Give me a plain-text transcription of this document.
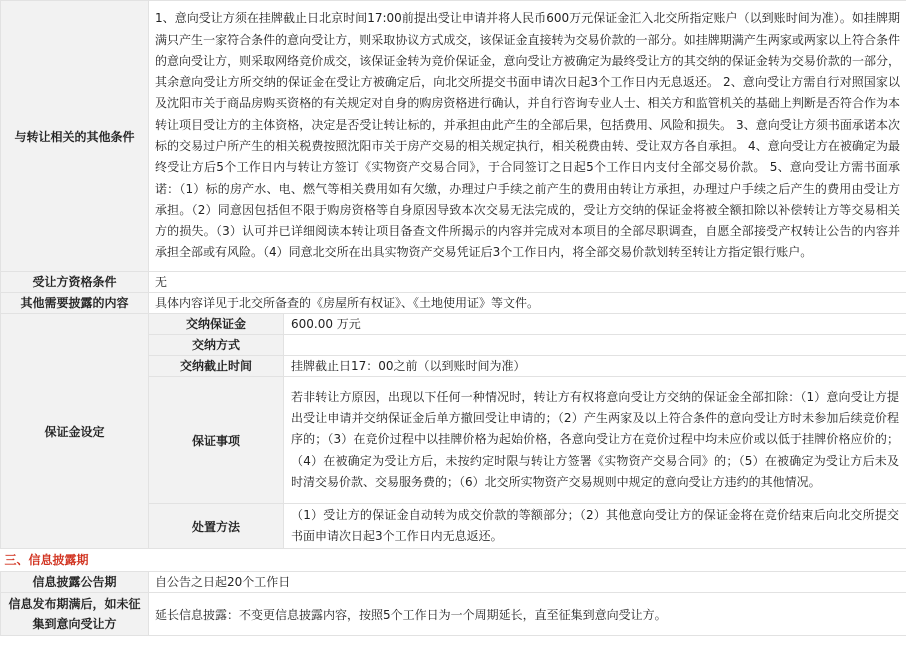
与转让相关的其他条件	1、意向受让方须在挂牌截止日北京时间17:00前提出受让申请并将人民币600万元保证金汇入北交所指定账户（以到账时间为准）。如挂牌期满只产生一家符合条件的意向受让方，则采取协议方式成交，该保证金直接转为交易价款的一部分。如挂牌期满产生两家或两家以上符合条件的意向受让方，则采取网络竞价成交，该保证金转为竞价保证金，意向受让方被确定为最终受让方的其交纳的保证金转为交易价款的一部分，其余意向受让方所交纳的保证金在受让方被确定后，向北交所提交书面申请次日起3个工作日内无息返还。 2、意向受让方需自行对照国家以及沈阳市关于商品房购买资格的有关规定对自身的购房资格进行确认，并自行咨询专业人士、相关方和监管机关的基础上判断是否符合作为本转让项目受让方的主体资格，决定是否受让转让标的，并承担由此产生的全部后果，包括费用、风险和损失。 3、意向受让方须书面承诺本次标的交易过户所产生的相关税费按照沈阳市关于房产交易的相关规定执行，相关税费由转、受让双方各自承担。 4、意向受让方在被确定为最终受让方后5个工作日内与转让方签订《实物资产交易合同》，于合同签订之日起5个工作日内支付全部交易价款。 5、意向受让方需书面承诺：（1）标的房产水、电、燃气等相关费用如有欠缴，办理过户手续之前产生的费用由转让方承担，办理过户手续之后产生的费用由受让方承担。（2）同意因包括但不限于购房资格等自身原因导致本次交易无法完成的，受让方交纳的保证金将被全额扣除以补偿转让方等交易相关方的损失。（3）认可并已详细阅读本转让项目备查文件所揭示的内容并完成对本项目的全部尽职调查，自愿全部接受产权转让公告的内容并承担全部或有风险。（4）同意北交所在出具实物资产交易凭证后3个工作日内，将全部交易价款划转至转让方指定银行账户。	
受让方资格条件	无	
其他需要披露的内容	具体内容详见于北交所备查的《房屋所有权证》、《土地使用证》等文件。	
保证金设定	交纳保证金	600.00 万元
	交纳方式	
	交纳截止时间	挂牌截止日17：00之前（以到账时间为准）
	保证事项	若非转让方原因，出现以下任何一种情况时，转让方有权将意向受让方交纳的保证金全部扣除：（1）意向受让方提出受让申请并交纳保证金后单方撤回受让申请的；（2）产生两家及以上符合条件的意向受让方时未参加后续竞价程序的；（3）在竞价过程中以挂牌价格为起始价格，各意向受让方在竞价过程中均未应价或以低于挂牌价格应价的；（4）在被确定为受让方后，未按约定时限与转让方签署《实物资产交易合同》的；（5）在被确定为受让方后未及时清交易价款、交易服务费的；（6）北交所实物资产交易规则中规定的意向受让方违约的其他情况。
	处置方法	（1）受让方的保证金自动转为成交价款的等额部分；（2）其他意向受让方的保证金将在竞价结束后向北交所提交书面申请次日起3个工作日内无息返还。
三、信息披露期		
信息披露公告期	自公告之日起20个工作日	
信息发布期满后，如未征集到意向受让方	延长信息披露：不变更信息披露内容，按照5个工作日为一个周期延长，直至征集到意向受让方。	
